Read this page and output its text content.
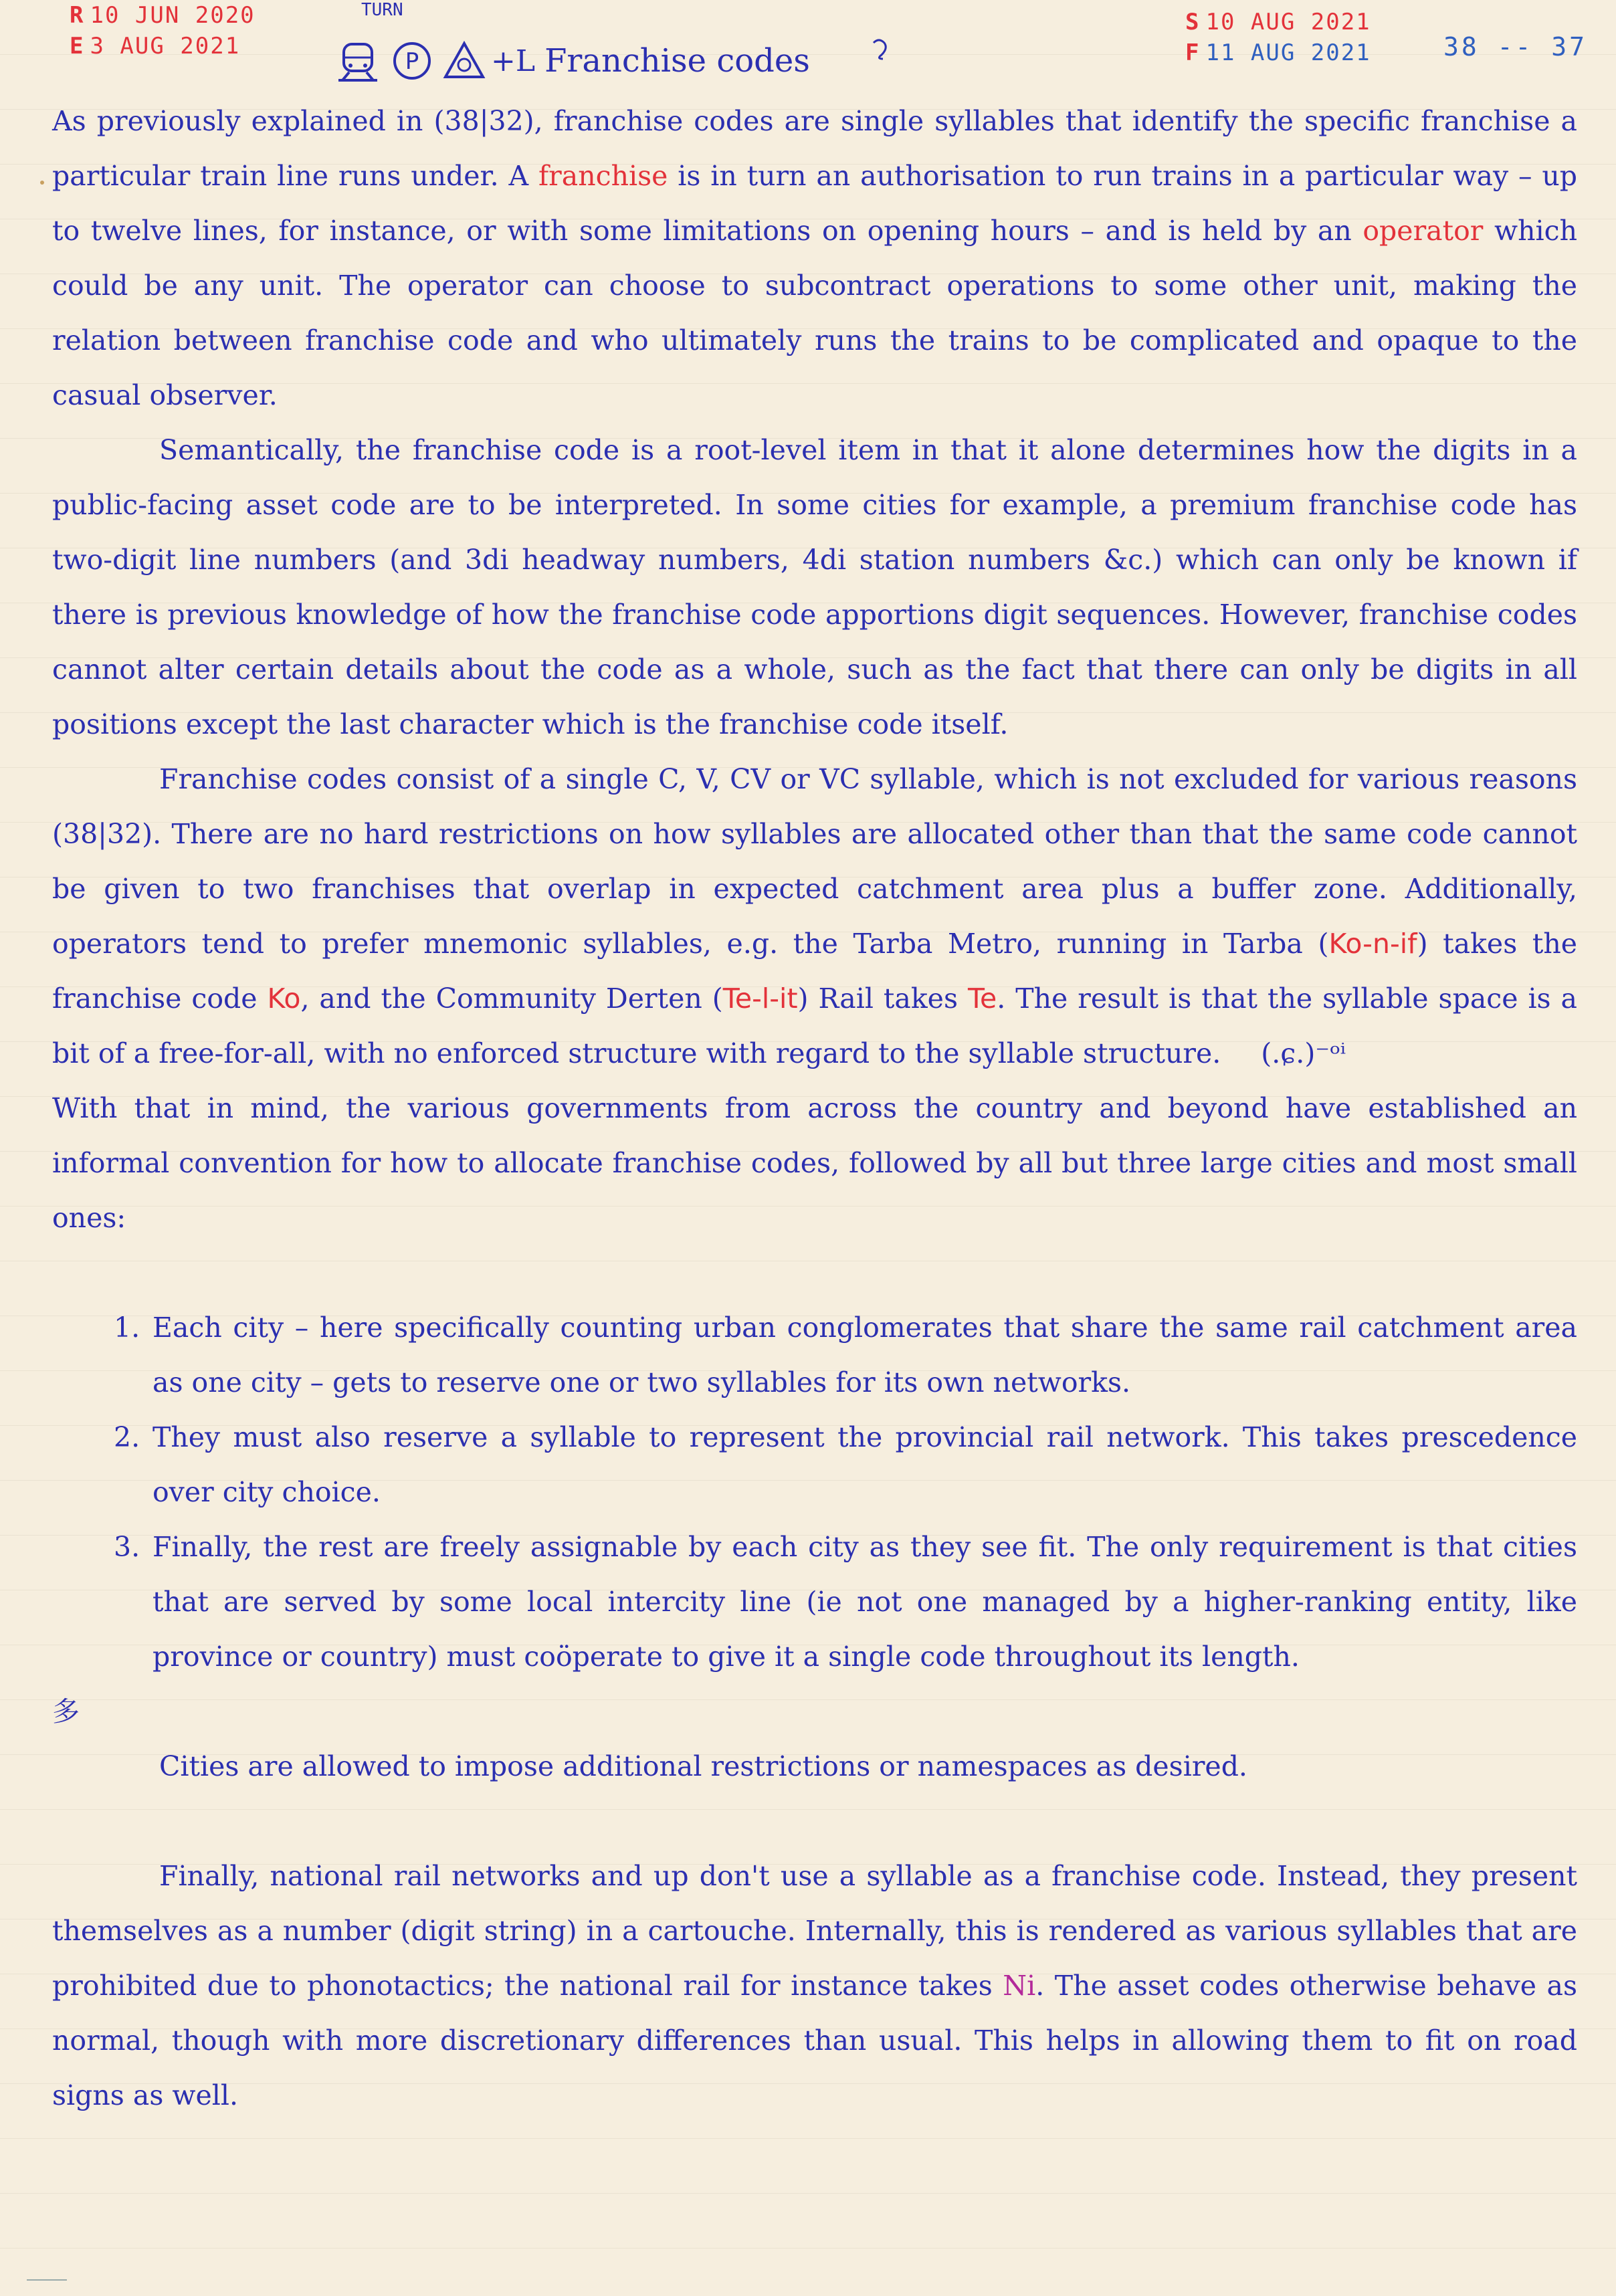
R 10 JUN 2020
E 3 AUG 2021
TURN
P +L Franchise codes
S 10 AUG 2021
F 11 AUG 2021	38 -- 37

As previously explained in (38|32), franchise codes are single syllables that identify the specific franchise a particular train line runs under. A franchise is in turn an authorisation to run trains in a particular way – up to twelve lines, for instance, or with some limitations on opening hours – and is held by an operator which could be any unit. The operator can choose to subcontract operations to some other unit, making the relation between franchise code and who ultimately runs the trains to be complicated and opaque to the casual observer.

Semantically, the franchise code is a root-level item in that it alone determines how the digits in a public-facing asset code are to be interpreted. In some cities for example, a premium franchise code has two-digit line numbers (and 3di headway numbers, 4di station numbers &c.) which can only be known if there is previous knowledge of how the franchise code apportions digit sequences. However, franchise codes cannot alter certain details about the code as a whole, such as the fact that there can only be digits in all positions except the last character which is the franchise code itself.

Franchise codes consist of a single C, V, CV or VC syllable, which is not excluded for various reasons (38|32). There are no hard restrictions on how syllables are allocated other than that the same code cannot be given to two franchises that overlap in expected catchment area plus a buffer zone. Additionally, operators tend to prefer mnemonic syllables, e.g. the Tarba Metro, running in Tarba (Ko-n-if) takes the franchise code Ko, and the Community Derten (Te-l-it) Rail takes Te. The result is that the syllable space is a bit of a free-for-all, with no enforced structure with regard to the syllable structure. (.ɕ.)⁻ᵒⁱ

With that in mind, the various governments from across the country and beyond have established an informal convention for how to allocate franchise codes, followed by all but three large cities and most small ones:

1. Each city – here specifically counting urban conglomerates that share the same rail catchment area as one city – gets to reserve one or two syllables for its own networks.
2. They must also reserve a syllable to represent the provincial rail network. This takes prescedence over city choice.
3. Finally, the rest are freely assignable by each city as they see fit. The only requirement is that cities that are served by some local intercity line (ie not one managed by a higher-ranking entity, like province or country) must coöperate to give it a single code throughout its length.

多

Cities are allowed to impose additional restrictions or namespaces as desired.

Finally, national rail networks and up don't use a syllable as a franchise code. Instead, they present themselves as a number (digit string) in a cartouche. Internally, this is rendered as various syllables that are prohibited due to phonotactics; the national rail for instance takes Ni. The asset codes otherwise behave as normal, though with more discretionary differences than usual. This helps in allowing them to fit on road signs as well.
